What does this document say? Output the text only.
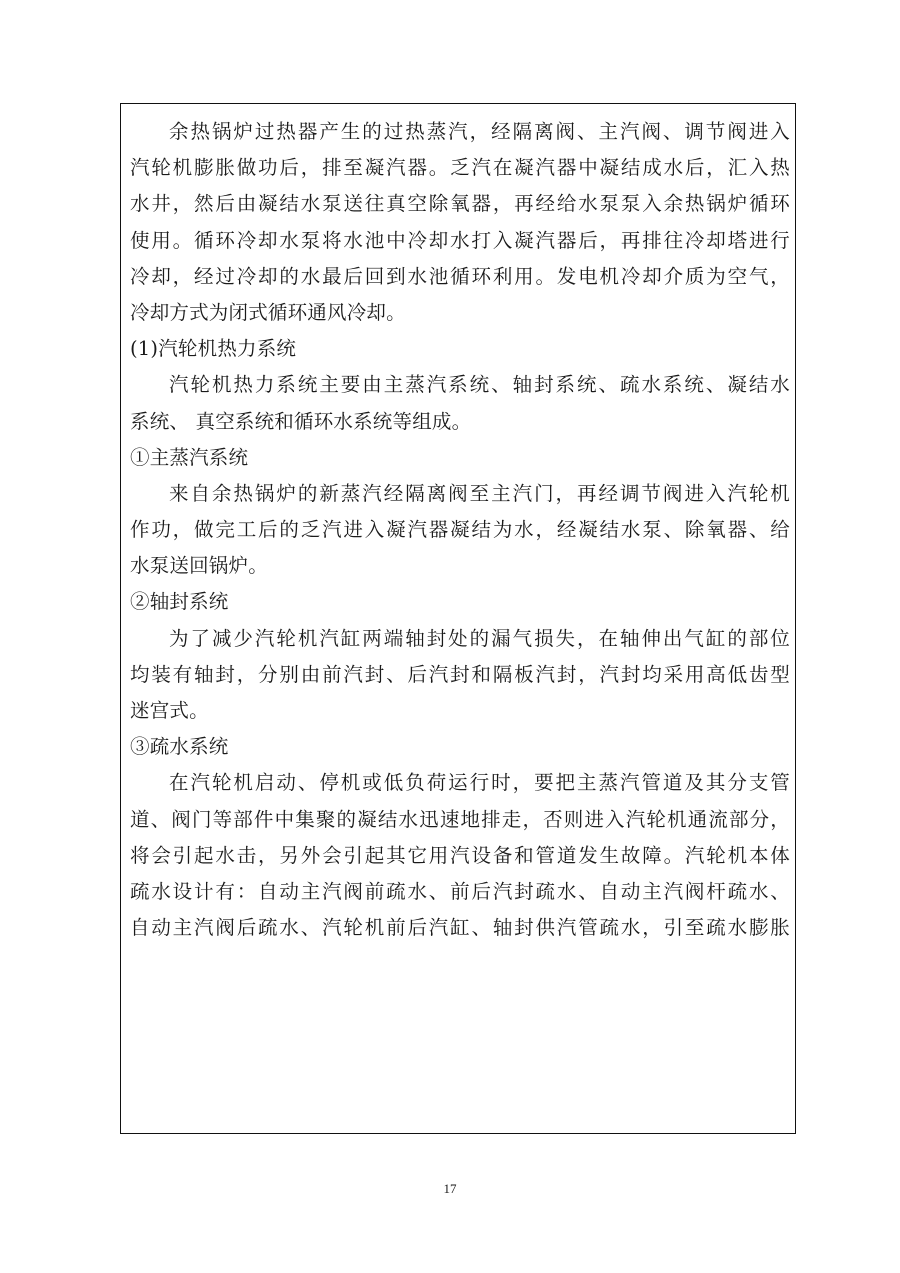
余热锅炉过热器产生的过热蒸汽，经隔离阀、主汽阀、调节阀进入
汽轮机膨胀做功后，排至凝汽器。乏汽在凝汽器中凝结成水后，汇入热
水井，然后由凝结水泵送往真空除氧器，再经给水泵泵入余热锅炉循环
使用。循环冷却水泵将水池中冷却水打入凝汽器后，再排往冷却塔进行
冷却，经过冷却的水最后回到水池循环利用。发电机冷却介质为空气，
冷却方式为闭式循环通风冷却。
(1)汽轮机热力系统
汽轮机热力系统主要由主蒸汽系统、轴封系统、疏水系统、凝结水
系统、 真空系统和循环水系统等组成。
①主蒸汽系统
来自余热锅炉的新蒸汽经隔离阀至主汽门，再经调节阀进入汽轮机
作功，做完工后的乏汽进入凝汽器凝结为水，经凝结水泵、除氧器、给
水泵送回锅炉。
②轴封系统
为了减少汽轮机汽缸两端轴封处的漏气损失，在轴伸出气缸的部位
均装有轴封，分别由前汽封、后汽封和隔板汽封，汽封均采用高低齿型
迷宫式。
③疏水系统
在汽轮机启动、停机或低负荷运行时，要把主蒸汽管道及其分支管
道、阀门等部件中集聚的凝结水迅速地排走，否则进入汽轮机通流部分，
将会引起水击，另外会引起其它用汽设备和管道发生故障。汽轮机本体
疏水设计有：自动主汽阀前疏水、前后汽封疏水、自动主汽阀杆疏水、
自动主汽阀后疏水、汽轮机前后汽缸、轴封供汽管疏水，引至疏水膨胀
17
